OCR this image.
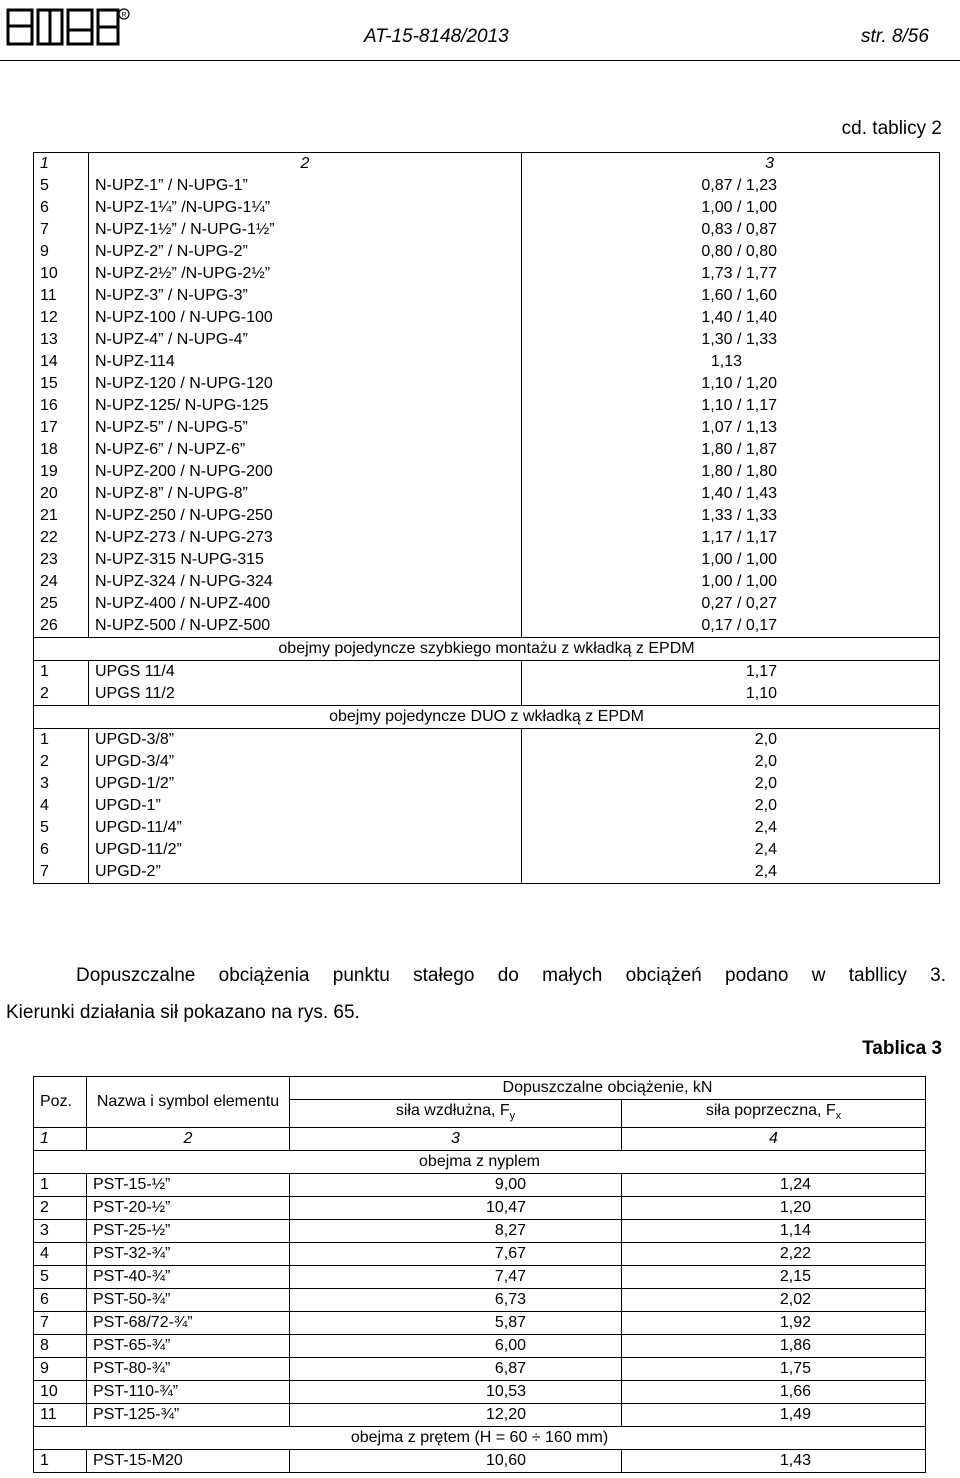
R
AT-15-8148/2013	str. 8/56
cd. tablicy 2
1	2	3
5	N-UPZ-1” / N-UPG-1”	0,87 / 1,23
6	N-UPZ-1¼” /N-UPG-1¼”	1,00 / 1,00
7	N-UPZ-1½” / N-UPG-1½”	0,83 / 0,87
9	N-UPZ-2” / N-UPG-2”	0,80 / 0,80
10	N-UPZ-2½” /N-UPG-2½”	1,73 / 1,77
11	N-UPZ-3” / N-UPG-3”	1,60 / 1,60
12	N-UPZ-100 / N-UPG-100	1,40 / 1,40
13	N-UPZ-4” / N-UPG-4”	1,30 / 1,33
14	N-UPZ-114	1,13
15	N-UPZ-120 / N-UPG-120	1,10 / 1,20
16	N-UPZ-125/ N-UPG-125	1,10 / 1,17
17	N-UPZ-5” / N-UPG-5”	1,07 / 1,13
18	N-UPZ-6” / N-UPZ-6”	1,80 / 1,87
19	N-UPZ-200 / N-UPG-200	1,80 / 1,80
20	N-UPZ-8” / N-UPG-8”	1,40 / 1,43
21	N-UPZ-250 / N-UPG-250	1,33 / 1,33
22	N-UPZ-273 / N-UPG-273	1,17 / 1,17
23	N-UPZ-315 N-UPG-315	1,00 / 1,00
24	N-UPZ-324 / N-UPG-324	1,00 / 1,00
25	N-UPZ-400 / N-UPZ-400	0,27 / 0,27
26	N-UPZ-500 / N-UPZ-500	0,17 / 0,17
obejmy pojedyncze szybkiego montażu z wkładką z EPDM		
1	UPGS 11/4	1,17
2	UPGS 11/2	1,10
obejmy pojedyncze DUO z wkładką z EPDM		
1	UPGD-3/8”	2,0
2	UPGD-3/4”	2,0
3	UPGD-1/2”	2,0
4	UPGD-1”	2,0
5	UPGD-11/4”	2,4
6	UPGD-11/2”	2,4
7	UPGD-2”	2,4
Dopuszczalne obciążenia punktu stałego do małych obciążeń podano w tabllicy 3.
Kierunki działania sił pokazano na rys. 65.
Tablica 3
Poz.	Nazwa i symbol elementu	Dopuszczalne obciążenie, kN	
		siła wzdłużna, $F_y$	siła poprzeczna, $F_x$
1	2	3	4
obejma z nyplem			
1	PST-15-½”	9,00	1,24
2	PST-20-½”	10,47	1,20
3	PST-25-½”	8,27	1,14
4	PST-32-¾”	7,67	2,22
5	PST-40-¾”	7,47	2,15
6	PST-50-¾”	6,73	2,02
7	PST-68/72-¾”	5,87	1,92
8	PST-65-¾”	6,00	1,86
9	PST-80-¾”	6,87	1,75
10	PST-110-¾”	10,53	1,66
11	PST-125-¾”	12,20	1,49
obejma z prętem (H = 60 ÷ 160 mm)			
1	PST-15-M20	10,60	1,43
